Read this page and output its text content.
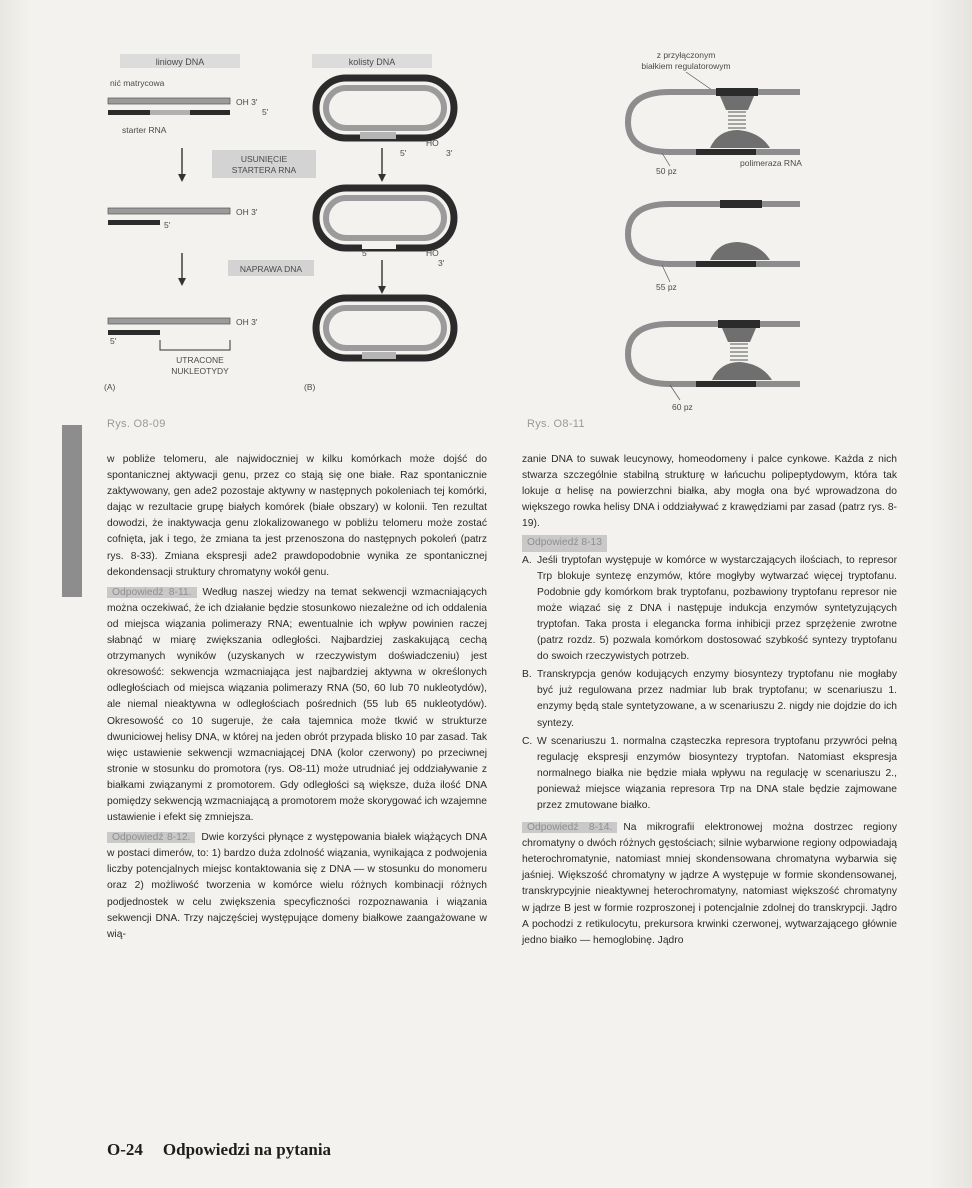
liniowy DNA	kolisty DNA
nić matrycowa
OH 3'
5'
starter RNA
USUNIĘCIE
STARTERA RNA
OH 3'
5'
NAPRAWA DNA
OH 3'
5'
UTRACONE
NUKLEOTYDY
(A)
HO
5'	3'
HO
5'
3'
(B)
Rys. O8-09
z przyłączonym
białkiem regulatorowym
polimeraza RNA
50 pz
55 pz
60 pz
Rys. O8-11

w pobliże telomeru, ale najwidoczniej w kilku komórkach może dojść do spontanicznej aktywacji genu, przez co stają się one białe. Raz spontanicznie zaktywowany, gen ade2 pozostaje aktywny w następnych pokoleniach tej komórki, dając w rezultacie grupę białych komórek (białe obszary) w kolonii. Ten rezultat dowodzi, że inaktywacja genu zlokalizowanego w pobliżu telomeru może zostać cofnięta, jak i tego, że zmiana ta jest przenoszona do następnych pokoleń (patrz rys. 8-33). Zmiana ekspresji ade2 prawdopodobnie wynika ze spontanicznej dekondensacji struktury chromatyny wokół genu.

Odpowiedź 8-11. Według naszej wiedzy na temat sekwencji wzmacniających można oczekiwać, że ich działanie będzie stosunkowo niezależne od ich oddalenia od miejsca wiązania polimerazy RNA; ewentualnie ich wpływ powinien raczej słabnąć w miarę zwiększania odległości. Najbardziej zaskakującą cechą otrzymanych wyników (uzyskanych w rzeczywistym doświadczeniu) jest okresowość: sekwencja wzmacniająca jest najbardziej aktywna w określonych odległościach od miejsca wiązania polimerazy RNA (50, 60 lub 70 nukleotydów), ale niemal nieaktywna w odległościach pośrednich (55 lub 65 nukleotydów). Okresowość co 10 sugeruje, że cała tajemnica może tkwić w strukturze dwuniciowej helisy DNA, w której na jeden obrót przypada blisko 10 par zasad. Tak więc ustawienie sekwencji wzmacniającej DNA (kolor czerwony) po przeciwnej stronie w stosunku do promotora (rys. O8-11) może utrudniać jej oddziaływanie z białkami związanymi z promotorem. Gdy odległości są większe, duża ilość DNA pomiędzy sekwencją wzmacniającą a promotorem może skorygować ich wzajemne ustawienie i efekt się zmniejsza.

Odpowiedź 8-12. Dwie korzyści płynące z występowania białek wiążących DNA w postaci dimerów, to: 1) bardzo duża zdolność wiązania, wynikająca z podwojenia liczby potencjalnych miejsc kontaktowania się z DNA — w stosunku do monomeru oraz 2) możliwość tworzenia w komórce wielu różnych kombinacji różnych podjednostek w celu zwiększenia specyficzności rozpoznawania i wiązania sekwencji DNA. Trzy najczęściej występujące domeny białkowe zaangażowane w wią-

zanie DNA to suwak leucynowy, homeodomeny i palce cynkowe. Każda z nich stwarza szczególnie stabilną strukturę w łańcuchu polipeptydowym, która tak lokuje α helisę na powierzchni białka, aby mogła ona być wprowadzona do większego rowka helisy DNA i oddziaływać z krawędziami par zasad (patrz rys. 8-19).

Odpowiedź 8-13
A. Jeśli tryptofan występuje w komórce w wystarczających ilościach, to represor Trp blokuje syntezę enzymów, które mogłyby wytwarzać więcej tryptofanu. Podobnie gdy komórkom brak tryptofanu, pozbawiony tryptofanu represor nie może wiązać się z DNA i następuje indukcja enzymów syntetyzujących tryptofan. Taka prosta i elegancka forma inhibicji przez sprzężenie zwrotne (patrz rozdz. 5) pozwala komórkom dostosować szybkość syntezy tryptofanu do swoich rzeczywistych potrzeb.
B. Transkrypcja genów kodujących enzymy biosyntezy tryptofanu nie mogłaby być już regulowana przez nadmiar lub brak tryptofanu; w scenariuszu 1. enzymy będą stale syntetyzowane, a w scenariuszu 2. nigdy nie dojdzie do ich syntezy.
C. W scenariuszu 1. normalna cząsteczka represora tryptofanu przywróci pełną regulację ekspresji enzymów biosyntezy tryptofan. Natomiast ekspresja normalnego białka nie będzie miała wpływu na regulację w scenariuszu 2., ponieważ miejsce wiązania represora Trp na DNA stale będzie zajmowane przez zmutowane białko.

Odpowiedź 8-14. Na mikrografii elektronowej można dostrzec regiony chromatyny o dwóch różnych gęstościach; silnie wybarwione regiony odpowiadają heterochromatynie, natomiast mniej skondensowana chromatyna wybarwia się jaśniej. Większość chromatyny w jądrze A występuje w formie skondensowanej, transkrypcyjnie nieaktywnej heterochromatyny, natomiast większość chromatyny w jądrze B jest w formie rozproszonej i potencjalnie zdolnej do transkrypcji. Jądro A pochodzi z retikulocytu, prekursora krwinki czerwonej, wytwarzającego głównie jedno białko — hemoglobinę. Jądro

O-24 Odpowiedzi na pytania
